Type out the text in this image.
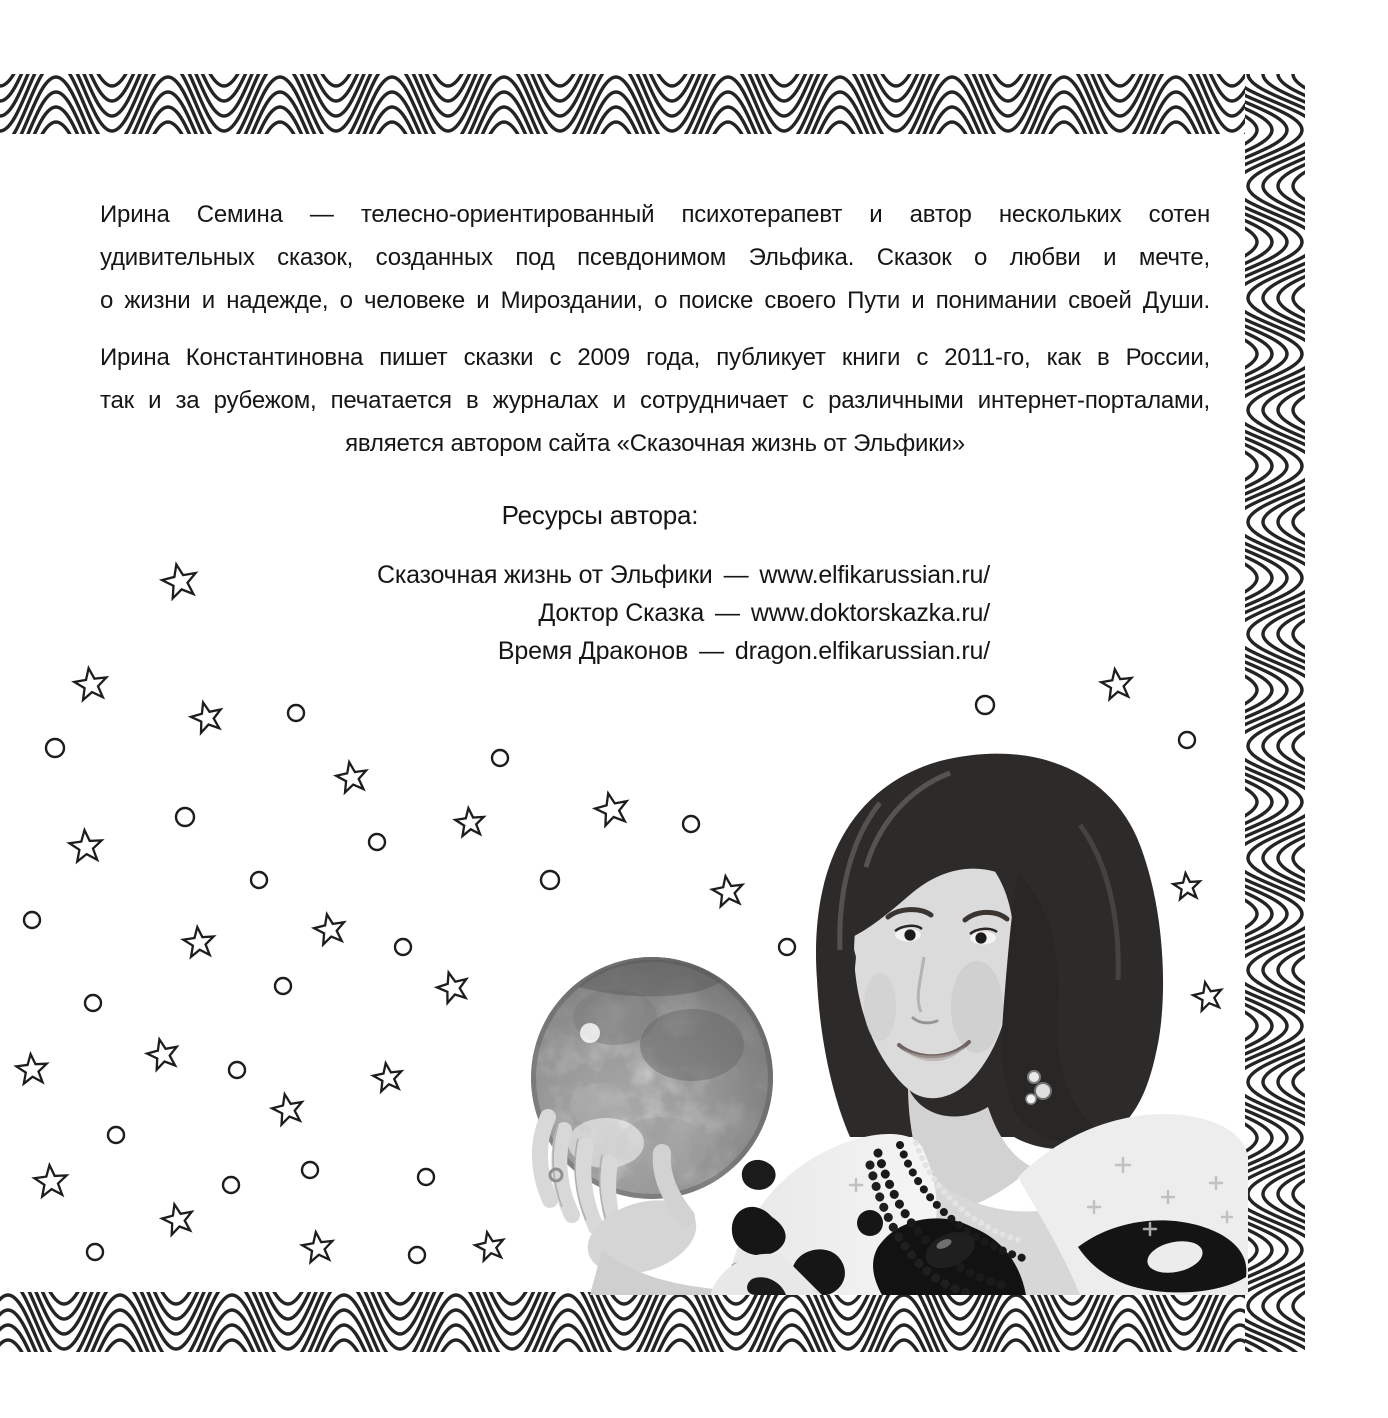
Ирина Семина — телесно-ориентированный психотерапевт и автор нескольких сотен
удивительных сказок, созданных под псевдонимом Эльфика. Сказок о любви и мечте,
о жизни и надежде, о человеке и Мироздании, о поиске своего Пути и понимании своей Души.
Ирина Константиновна пишет сказки с 2009 года, публикует книги с 2011-го, как в России,
так и за рубежом, печатается в журналах и сотрудничает с различными интернет-порталами,
является автором сайта «Сказочная жизнь от Эльфики»
Ресурсы автора:
Сказочная жизнь от Эльфики — www.elfikarussian.ru/
Доктор Сказка — www.doktorskazka.ru/
Время Драконов — dragon.elfikarussian.ru/
